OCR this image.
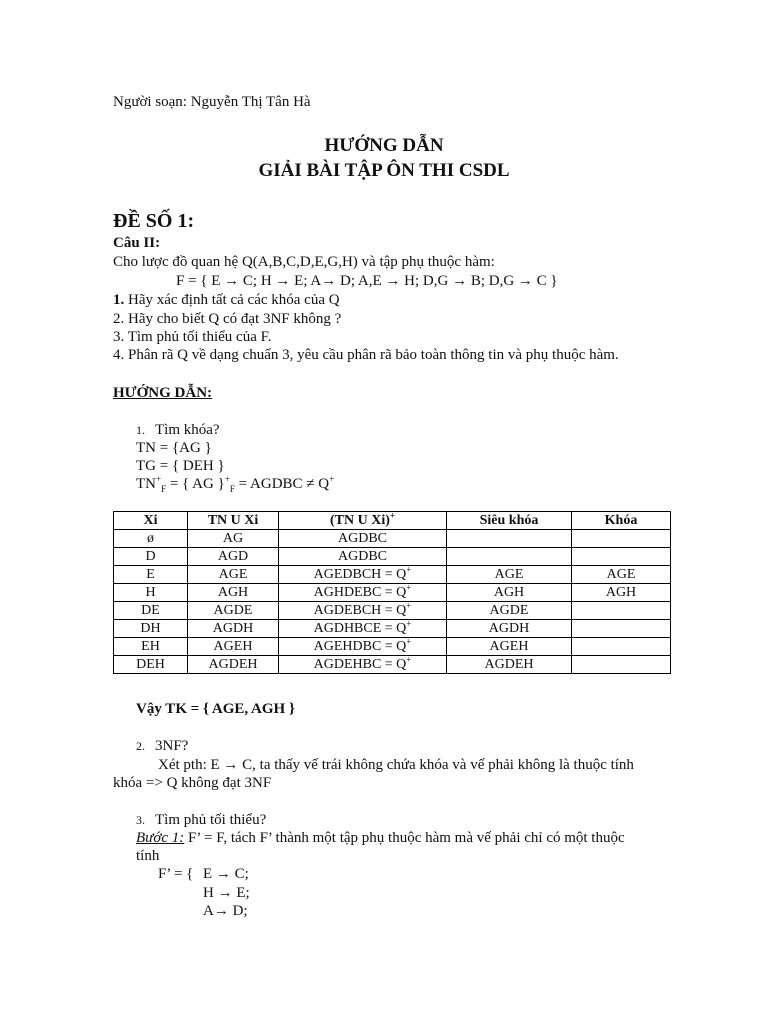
Người soạn: Nguyễn Thị Tân Hà
HƯỚNG DẪN
GIẢI BÀI TẬP ÔN THI CSDL
ĐỀ SỐ 1:
Câu II:
Cho lược đồ quan hệ Q(A,B,C,D,E,G,H) và tập phụ thuộc hàm:
F = { E → C; H → E; A→ D; A,E → H; D,G → B; D,G → C }
1. Hãy xác định tất cả các khóa của Q
2. Hãy cho biết Q có đạt 3NF không ?
3. Tìm phủ tối thiểu của F.
4. Phân rã Q về dạng chuẩn 3, yêu cầu phân rã bảo toàn thông tin và phụ thuộc hàm.
HƯỚNG DẪN:
1. Tìm khóa?
TN = {AG }
TG = { DEH }
$TN^+_F$ = { AG }$^+_F$ = AGDBC ≠ Q+
Xi	TN U Xi	(TN U Xi)+	Siêu khóa	Khóa
ø	AG	AGDBC		
D	AGD	AGDBC		
E	AGE	AGEDBCH = Q+	AGE	AGE
H	AGH	AGHDEBC = Q+	AGH	AGH
DE	AGDE	AGDEBCH = Q+	AGDE	
DH	AGDH	AGDHBCE = Q+	AGDH	
EH	AGEH	AGEHDBC = Q+	AGEH	
DEH	AGDEH	AGDEHBC = Q+	AGDEH	
Vậy TK = { AGE, AGH }
2. 3NF?
Xét pth: E → C, ta thấy vế trái không chứa khóa và vế phải không là thuộc tính
khóa => Q không đạt 3NF
3. Tìm phủ tối thiểu?
Bước 1: F’ = F, tách F’ thành một tập phụ thuộc hàm mà vế phải chỉ có một thuộc
tính
F’ = { E → C;
H → E;
A→ D;
